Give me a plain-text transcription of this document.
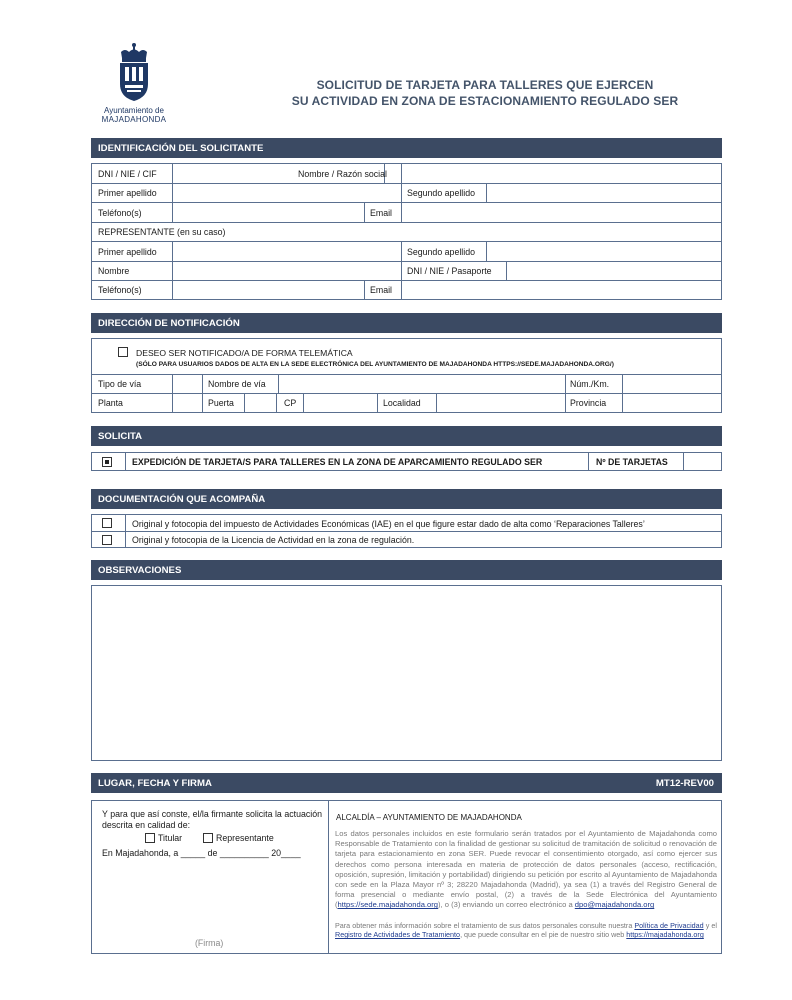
Ayuntamiento de
MAJADAHONDA
SOLICITUD DE TARJETA PARA TALLERES QUE EJERCEN
SU ACTIVIDAD EN ZONA DE ESTACIONAMIENTO REGULADO SER
IDENTIFICACIÓN DEL SOLICITANTE
DNI / NIE / CIF	Nombre / Razón social
Primer apellido	Segundo apellido
Teléfono(s)	Email
REPRESENTANTE (en su caso)
Primer apellido	Segundo apellido
Nombre	DNI / NIE / Pasaporte
Teléfono(s)	Email
DIRECCIÓN DE NOTIFICACIÓN
DESEO SER NOTIFICADO/A DE FORMA TELEMÁTICA
(SÓLO PARA USUARIOS DADOS DE ALTA EN LA SEDE ELECTRÓNICA DEL AYUNTAMIENTO DE MAJADAHONDA HTTPS://SEDE.MAJADAHONDA.ORG/)
Tipo de vía	Nombre de vía	Núm./Km.
Planta	Puerta	CP	Localidad	Provincia
SOLICITA
EXPEDICIÓN DE TARJETA/S PARA TALLERES EN LA ZONA DE APARCAMIENTO REGULADO SER	Nº DE TARJETAS
DOCUMENTACIÓN QUE ACOMPAÑA
Original y fotocopia del impuesto de Actividades Económicas (IAE) en el que figure estar dado de alta como ‘Reparaciones Talleres’
Original y fotocopia de la Licencia de Actividad en la zona de regulación.
OBSERVACIONES
LUGAR, FECHA Y FIRMA	MT12-REV00
Y para que así conste, el/la firmante solicita la actuación descrita en calidad de:
Titular	Representante
En Majadahonda, a _____ de __________ 20____
(Firma)
ALCALDÍA – AYUNTAMIENTO DE MAJADAHONDA
Los datos personales incluidos en este formulario serán tratados por el Ayuntamiento de Majadahonda como Responsable de Tratamiento con la finalidad de gestionar su solicitud de tramitación de solicitud o renovación de tarjeta para estacionamiento en zona SER. Puede revocar el consentimiento otorgado, así como ejercer sus derechos como persona interesada en materia de protección de datos personales (acceso, rectificación, oposición, supresión, limitación y portabilidad) dirigiendo su petición por escrito al Ayuntamiento de Majadahonda con sede en la Plaza Mayor nº 3; 28220 Majadahonda (Madrid), ya sea (1) a través del Registro General de forma presencial o mediante envío postal, (2) a través de la Sede Electrónica del Ayuntamiento (https://sede.majadahonda.org), o (3) enviando un correo electrónico a dpo@majadahonda.org
Para obtener más información sobre el tratamiento de sus datos personales consulte nuestra Política de Privacidad y el Registro de Actividades de Tratamiento, que puede consultar en el pie de nuestro sitio web https://majadahonda.org
